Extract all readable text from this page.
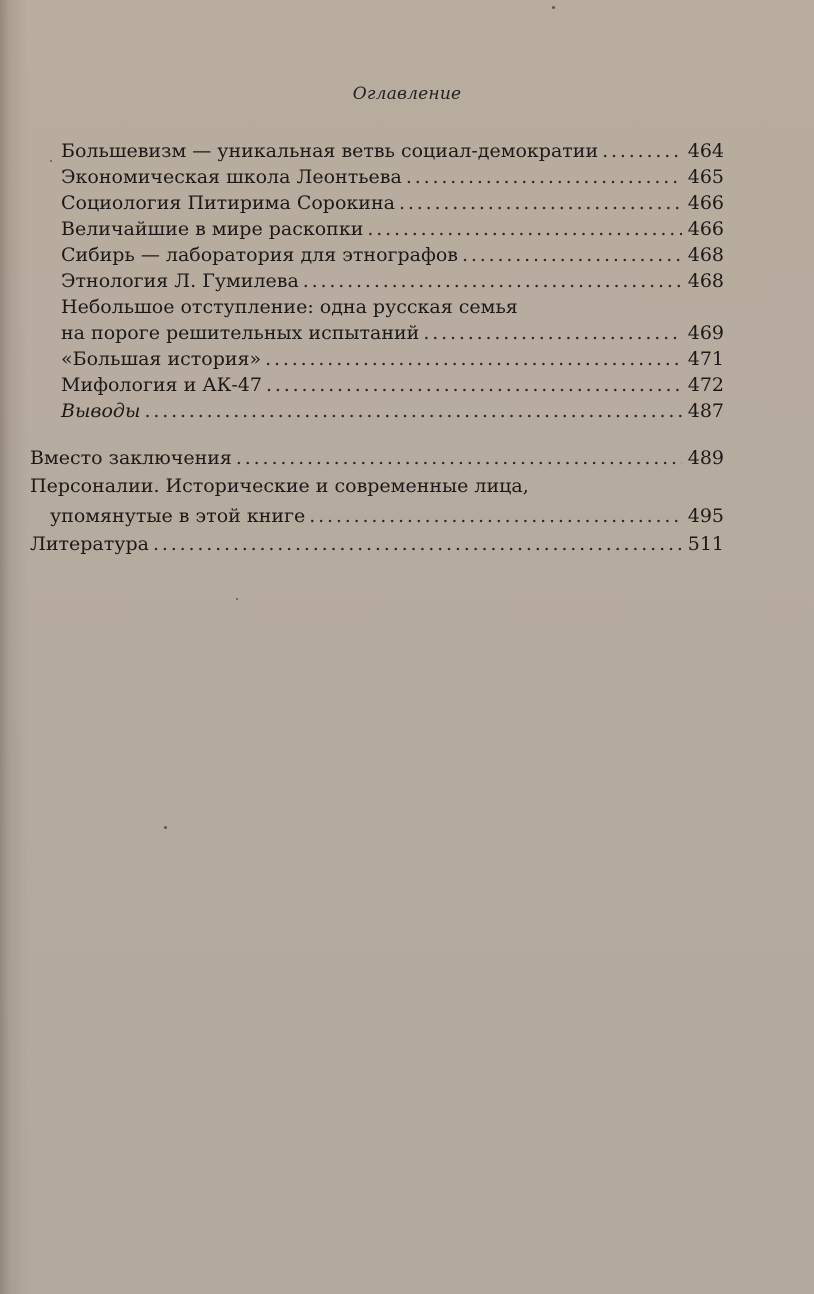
Оглавление
Большевизм — уникальная ветвь социал-демократии . . .	464
Экономическая школа Леонтьева . . .	465
Социология Питирима Сорокина . . .	466
Величайшие в мире раскопки . . .	466
Сибирь — лаборатория для этнографов . . .	468
Этнология Л. Гумилева . . .	468
Небольшое отступление: одна русская семья
на пороге решительных испытаний . . .	469
«Большая история» . . .	471
Мифология и АК-47 . . .	472
Выводы . . .	487
Вместо заключения . . .	489
Персоналии. Исторические и современные лица,
упомянутые в этой книге . . .	495
Литература . . .	511
